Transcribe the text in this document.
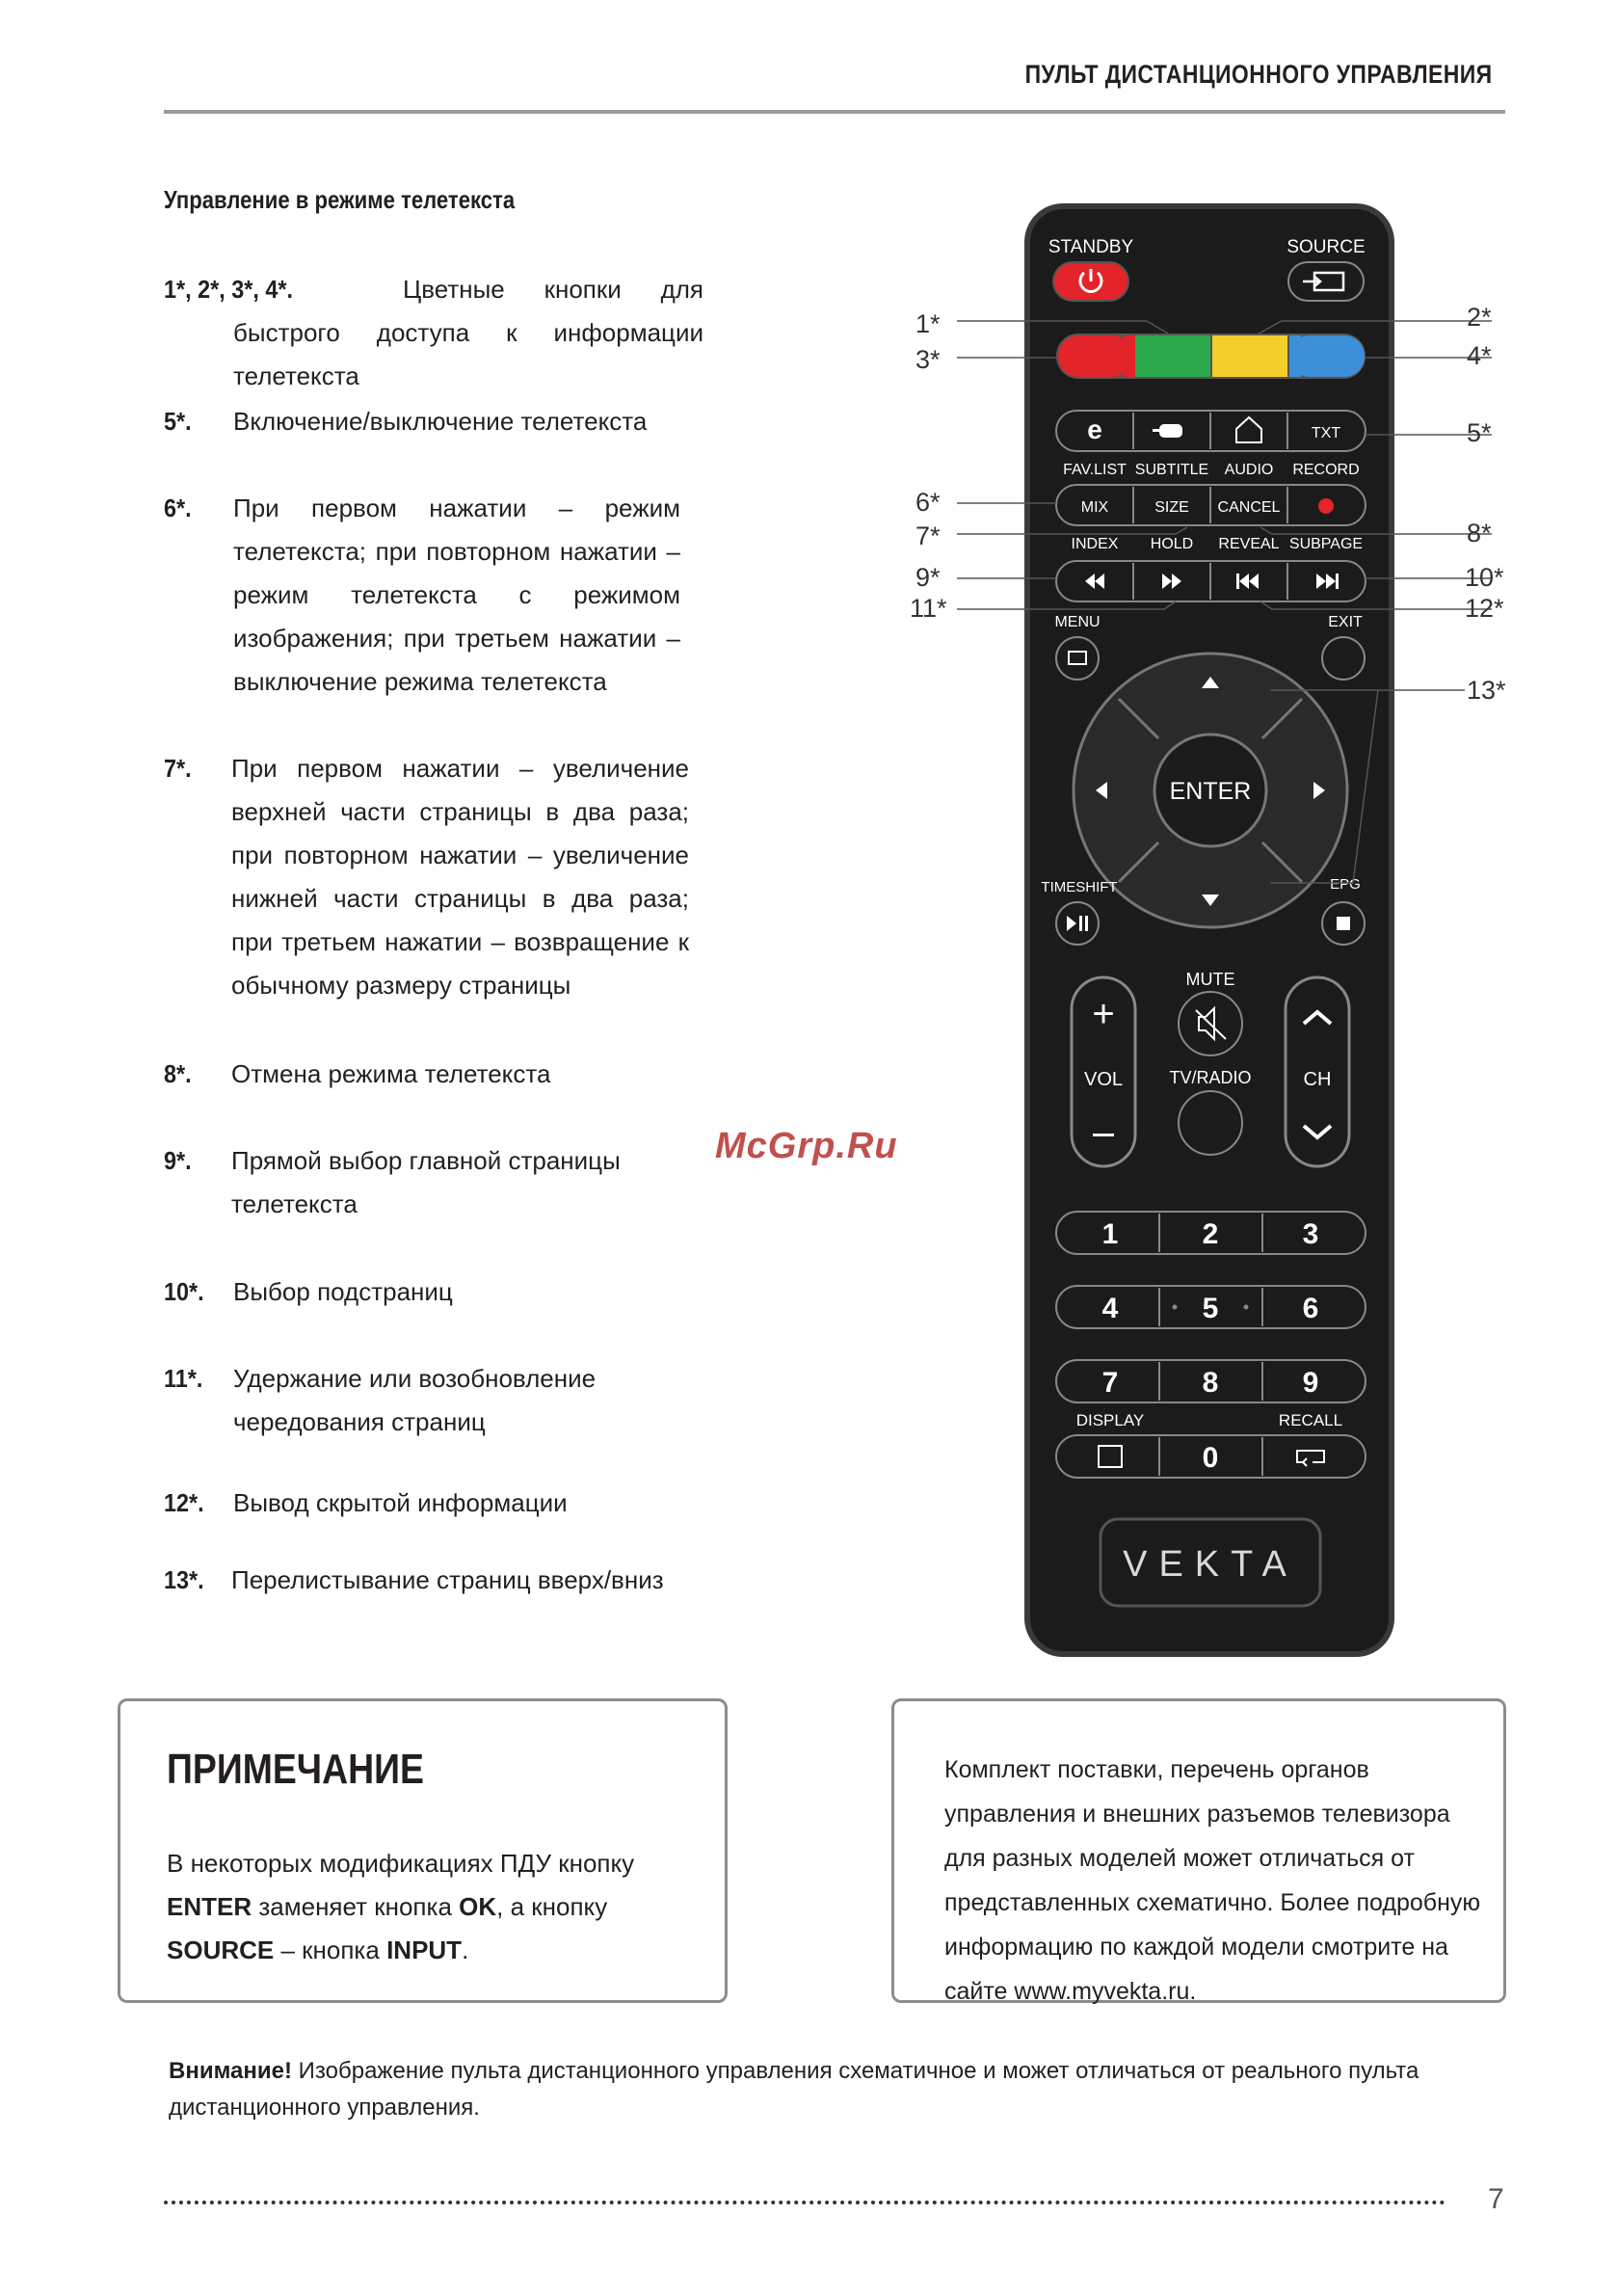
ПУЛЬТ ДИСТАНЦИОННОГО УПРАВЛЕНИЯ
Управление в режиме телетекста
1*, 2*, 3*, 4*.	Цветные кнопки для быстрого доступа к информации телетекста
5*.	Включение/выключение телетекста
6*.	При первом нажатии – режим телетекста; при повторном нажатии – режим телетекста с режимом изображения; при третьем нажатии – выключение режима телетекста
7*.	При первом нажатии – увеличение верхней части страницы в два раза; при повторном нажатии – увеличение нижней части страницы в два раза; при третьем нажатии – возвращение к обычному размеру страницы
8*.	Отмена режима телетекста
9*.	Прямой выбор главной страницы телетекста
10*.	Выбор подстраниц
11*.	Удержание или возобновление чередования страниц
12*.	Вывод скрытой информации
13*.	Перелистывание страниц вверх/вниз
McGrp.Ru
STANDBY	SOURCE
e	TXT
FAV.LIST SUBTITLE AUDIO RECORD
MIX	SIZE CANCEL
INDEX HOLD REVEAL SUBPAGE
MENU	EXIT
ENTER
TIMESHIFT	EPG
+
VOL
MUTE
TV/RADIO	CH
1	2	3
4	5	6
7	8	9
DISPLAY	RECALL
0
VEKTA
1*	2*
3*	4*
5*
6*
7*	8*
9*	10*
11*	12*
13*
ПРИМЕЧАНИЕ
В некоторых модификациях ПДУ кнопку ENTER заменяет кнопка OK, а кнопку SOURCE – кнопка INPUT.
Комплект поставки, перечень органов управления и внешних разъемов телевизора для разных моделей может отличаться от представленных схематично. Более подробную информацию по каждой модели смотрите на сайте www.myvekta.ru.
Внимание! Изображение пульта дистанционного управления схематичное и может отличаться от реального пульта дистанционного управления.
7
